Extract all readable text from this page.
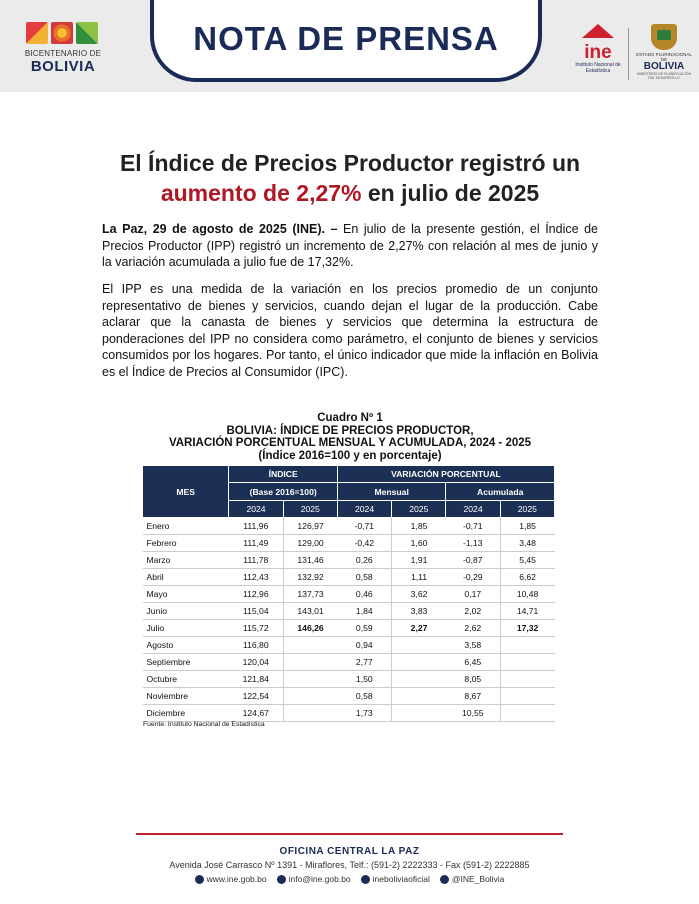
BICENTENARIO DE
BOLIVIA
NOTA DE PRENSA	ine
Instituto Nacional de Estadística
ESTADO PLURINACIONAL DE
BOLIVIA
MINISTERIO DE PLANIFICACIÓN DEL DESARROLLO
El Índice de Precios Productor registró un
aumento de 2,27% en julio de 2025
La Paz, 29 de agosto de 2025 (INE). – En julio de la presente gestión, el Índice de Precios Productor (IPP) registró un incremento de 2,27% con relación al mes de junio y la variación acumulada a julio fue de 17,32%.
El IPP es una medida de la variación en los precios promedio de un conjunto representativo de bienes y servicios, cuando dejan el lugar de la producción. Cabe aclarar que la canasta de bienes y servicios que determina la estructura de ponderaciones del IPP no considera como parámetro, el conjunto de bienes y servicios consumidos por los hogares. Por tanto, el único indicador que mide la inflación en Bolivia es el Índice de Precios al Consumidor (IPC).
Cuadro Nº 1
BOLIVIA: ÍNDICE DE PRECIOS PRODUCTOR,
VARIACIÓN PORCENTUAL MENSUAL Y ACUMULADA, 2024 - 2025
(Índice 2016=100 y en porcentaje)
MES	ÍNDICE		VARIACIÓN PORCENTUAL			
	(Base 2016=100)		Mensual		Acumulada	
	2024	2025	2024	2025	2024	2025
Enero	111,96	126,97	-0,71	1,85	-0,71	1,85
Febrero	111,49	129,00	-0,42	1,60	-1,13	3,48
Marzo	111,78	131,46	0,26	1,91	-0,87	5,45
Abril	112,43	132,92	0,58	1,11	-0,29	6,62
Mayo	112,96	137,73	0,46	3,62	0,17	10,48
Junio	115,04	143,01	1,84	3,83	2,02	14,71
Julio	115,72	146,26	0,59	2,27	2,62	17,32
Agosto	116,80		0,94		3,58	
Septiembre	120,04		2,77		6,45	
Octubre	121,84		1,50		8,05	
Noviembre	122,54		0,58		8,67	
Diciembre	124,67		1,73		10,55	
Fuente: Instituto Nacional de Estadística
OFICINA CENTRAL LA PAZ
Avenida José Carrasco Nº 1391 - Miraflores, Telf.: (591-2) 2222333 - Fax (591-2) 2222885
www.ine.gob.bo	info@ine.gob.bo	ineboliviaoficial	@INE_Bolivia
